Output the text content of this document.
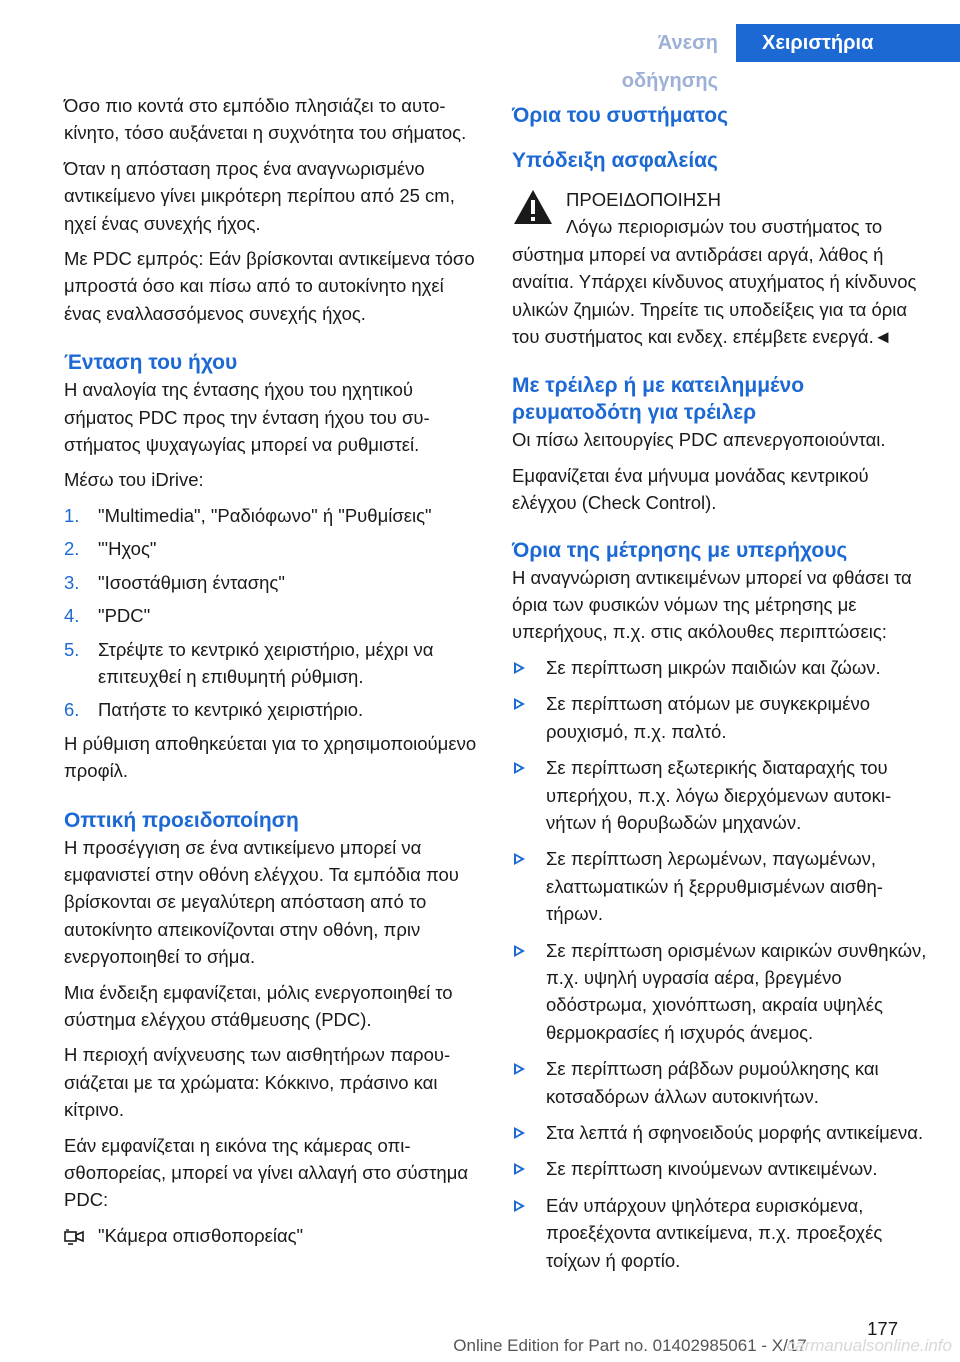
Άνεση οδήγησης
Χειριστήρια

Όσο πιο κοντά στο εμπόδιο πλησιάζει το αυτοκίνητο, τόσο αυξάνεται η συχνότητα του σήματος.

Όταν η απόσταση προς ένα αναγνωρισμένο αντικείμενο γίνει μικρότερη περίπου από 25 cm, ηχεί ένας συνεχής ήχος.

Με PDC εμπρός: Εάν βρίσκονται αντικείμενα τόσο μπροστά όσο και πίσω από το αυτοκίνητο ηχεί ένας εναλλασσόμενος συνεχής ήχος.

Ένταση του ήχου

Η αναλογία της έντασης ήχου του ηχητικού σήματος PDC προς την ένταση ήχου του συστήματος ψυχαγωγίας μπορεί να ρυθμιστεί.

Μέσω του iDrive:

1. "Multimedia", "Ραδιόφωνο" ή "Ρυθμίσεις"
2. "'Ηχος"
3. "Ισοστάθμιση έντασης"
4. "PDC"
5. Στρέψτε το κεντρικό χειριστήριο, μέχρι να επιτευχθεί η επιθυμητή ρύθμιση.
6. Πατήστε το κεντρικό χειριστήριο.

Η ρύθμιση αποθηκεύεται για το χρησιμοποιούμενο προφίλ.

Οπτική προειδοποίηση

Η προσέγγιση σε ένα αντικείμενο μπορεί να εμφανιστεί στην οθόνη ελέγχου. Τα εμπόδια που βρίσκονται σε μεγαλύτερη απόσταση από το αυτοκίνητο απεικονίζονται στην οθόνη, πριν ενεργοποιηθεί το σήμα.

Μια ένδειξη εμφανίζεται, μόλις ενεργοποιηθεί το σύστημα ελέγχου στάθμευσης (PDC).

Η περιοχή ανίχνευσης των αισθητήρων παρουσιάζεται με τα χρώματα: Κόκκινο, πράσινο και κίτρινο.

Εάν εμφανίζεται η εικόνα της κάμερας οπισθοπορείας, μπορεί να γίνει αλλαγή στο σύστημα PDC:

"Κάμερα οπισθοπορείας"
Όρια του συστήματος
Υπόδειξη ασφαλείας
ΠΡΟΕΙΔΟΠΟΙΗΣΗ
Λόγω περιορισμών του συστήματος το

σύστημα μπορεί να αντιδράσει αργά, λάθος ή αναίτια. Υπάρχει κίνδυνος ατυχήματος ή κίνδυνος υλικών ζημιών. Τηρείτε τις υποδείξεις για τα όρια του συστήματος και ενδεχ. επέμβετε ενεργά.◄

Με τρέιλερ ή με κατειλημμένο ρευματοδότη για τρέιλερ

Οι πίσω λειτουργίες PDC απενεργοποιούνται.

Εμφανίζεται ένα μήνυμα μονάδας κεντρικού ελέγχου (Check Control).

Όρια της μέτρησης με υπερήχους

Η αναγνώριση αντικειμένων μπορεί να φθάσει τα όρια των φυσικών νόμων της μέτρησης με υπερήχους, π.χ. στις ακόλουθες περιπτώσεις:

Σε περίπτωση μικρών παιδιών και ζώων.
Σε περίπτωση ατόμων με συγκεκριμένο ρουχισμό, π.χ. παλτό.
Σε περίπτωση εξωτερικής διαταραχής του υπερήχου, π.χ. λόγω διερχόμενων αυτοκινήτων ή θορυβωδών μηχανών.
Σε περίπτωση λερωμένων, παγωμένων, ελαττωματικών ή ξερρυθμισμένων αισθητήρων.
Σε περίπτωση ορισμένων καιρικών συνθηκών, π.χ. υψηλή υγρασία αέρα, βρεγμένο οδόστρωμα, χιονόπτωση, ακραία υψηλές θερμοκρασίες ή ισχυρός άνεμος.
Σε περίπτωση ράβδων ρυμούλκησης και κοτσαδόρων άλλων αυτοκινήτων.
Στα λεπτά ή σφηνοειδούς μορφής αντικείμενα.
Σε περίπτωση κινούμενων αντικειμένων.
Εάν υπάρχουν ψηλότερα ευρισκόμενα, προεξέχοντα αντικείμενα, π.χ. προεξοχές τοίχων ή φορτίο.
177
Online Edition for Part no. 01402985061 - X/17
carmanualsonline.info
